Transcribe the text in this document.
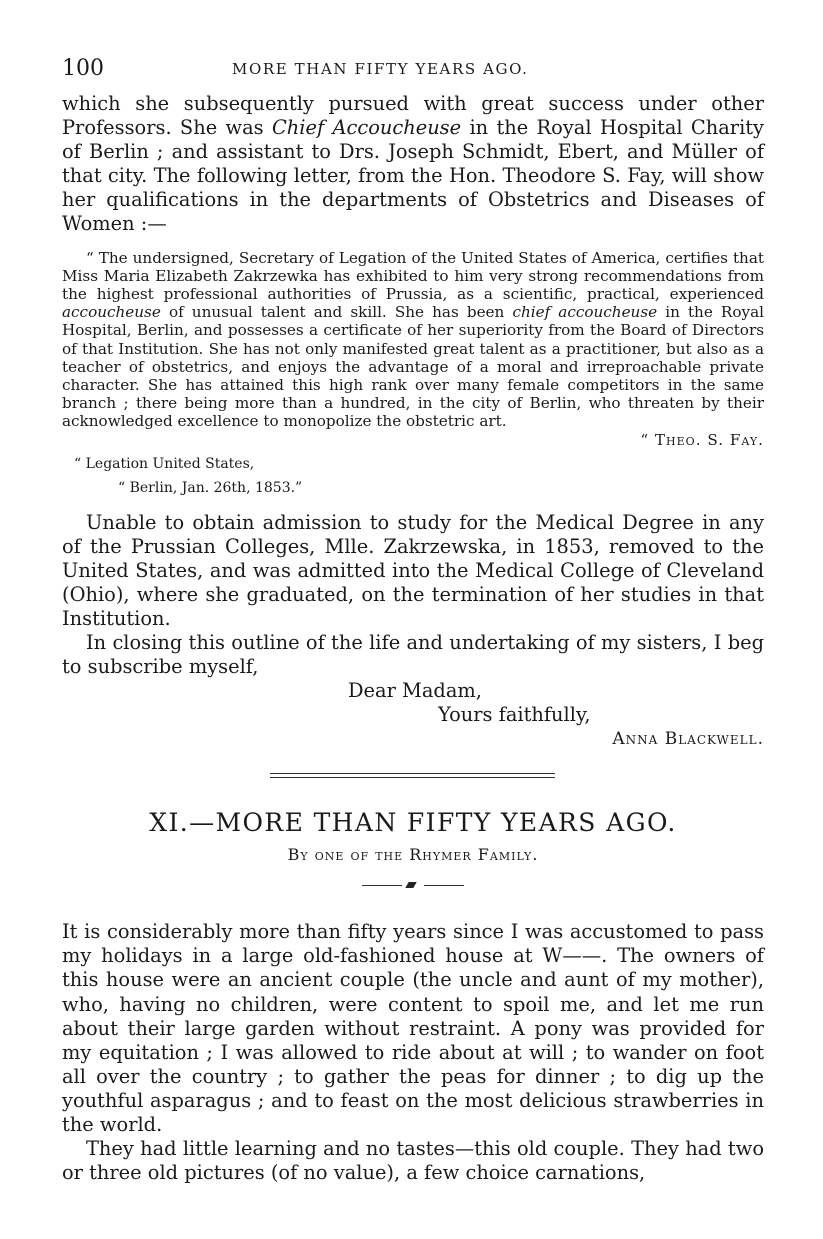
100	MORE THAN FIFTY YEARS AGO.

which she subsequently pursued with great success under other Professors. She was Chief Accoucheuse in the Royal Hospital Charity of Berlin ; and assistant to Drs. Joseph Schmidt, Ebert, and Müller of that city. The following letter, from the Hon. Theodore S. Fay, will show her qualifications in the departments of Obstetrics and Diseases of Women :—

“ The undersigned, Secretary of Legation of the United States of America, certifies that Miss Maria Elizabeth Zakrzewka has exhibited to him very strong recommendations from the highest professional authorities of Prussia, as a scientific, practical, experienced accoucheuse of unusual talent and skill. She has been chief accoucheuse in the Royal Hospital, Berlin, and possesses a certificate of her superiority from the Board of Directors of that Institution. She has not only manifested great talent as a practitioner, but also as a teacher of obstetrics, and enjoys the advantage of a moral and irreproachable private character. She has attained this high rank over many female competitors in the same branch ; there being more than a hundred, in the city of Berlin, who threaten by their acknowledged excellence to monopolize the obstetric art.
“ Theo. S. Fay.
“ Legation United States,
“ Berlin, Jan. 26th, 1853.”

Unable to obtain admission to study for the Medical Degree in any of the Prussian Colleges, Mlle. Zakrzewska, in 1853, removed to the United States, and was admitted into the Medical College of Cleveland (Ohio), where she graduated, on the termination of her studies in that Institution.

In closing this outline of the life and undertaking of my sisters, I beg to subscribe myself,

Dear Madam,
Yours faithfully,
Anna Blackwell.
XI.—MORE THAN FIFTY YEARS AGO.
By one of the Rhymer Family.

It is considerably more than fifty years since I was accustomed to pass my holidays in a large old-fashioned house at W——. The owners of this house were an ancient couple (the uncle and aunt of my mother), who, having no children, were content to spoil me, and let me run about their large garden without restraint. A pony was provided for my equitation ; I was allowed to ride about at will ; to wander on foot all over the country ; to gather the peas for dinner ; to dig up the youthful asparagus ; and to feast on the most delicious strawberries in the world.

They had little learning and no tastes—this old couple. They had two or three old pictures (of no value), a few choice carnations,
